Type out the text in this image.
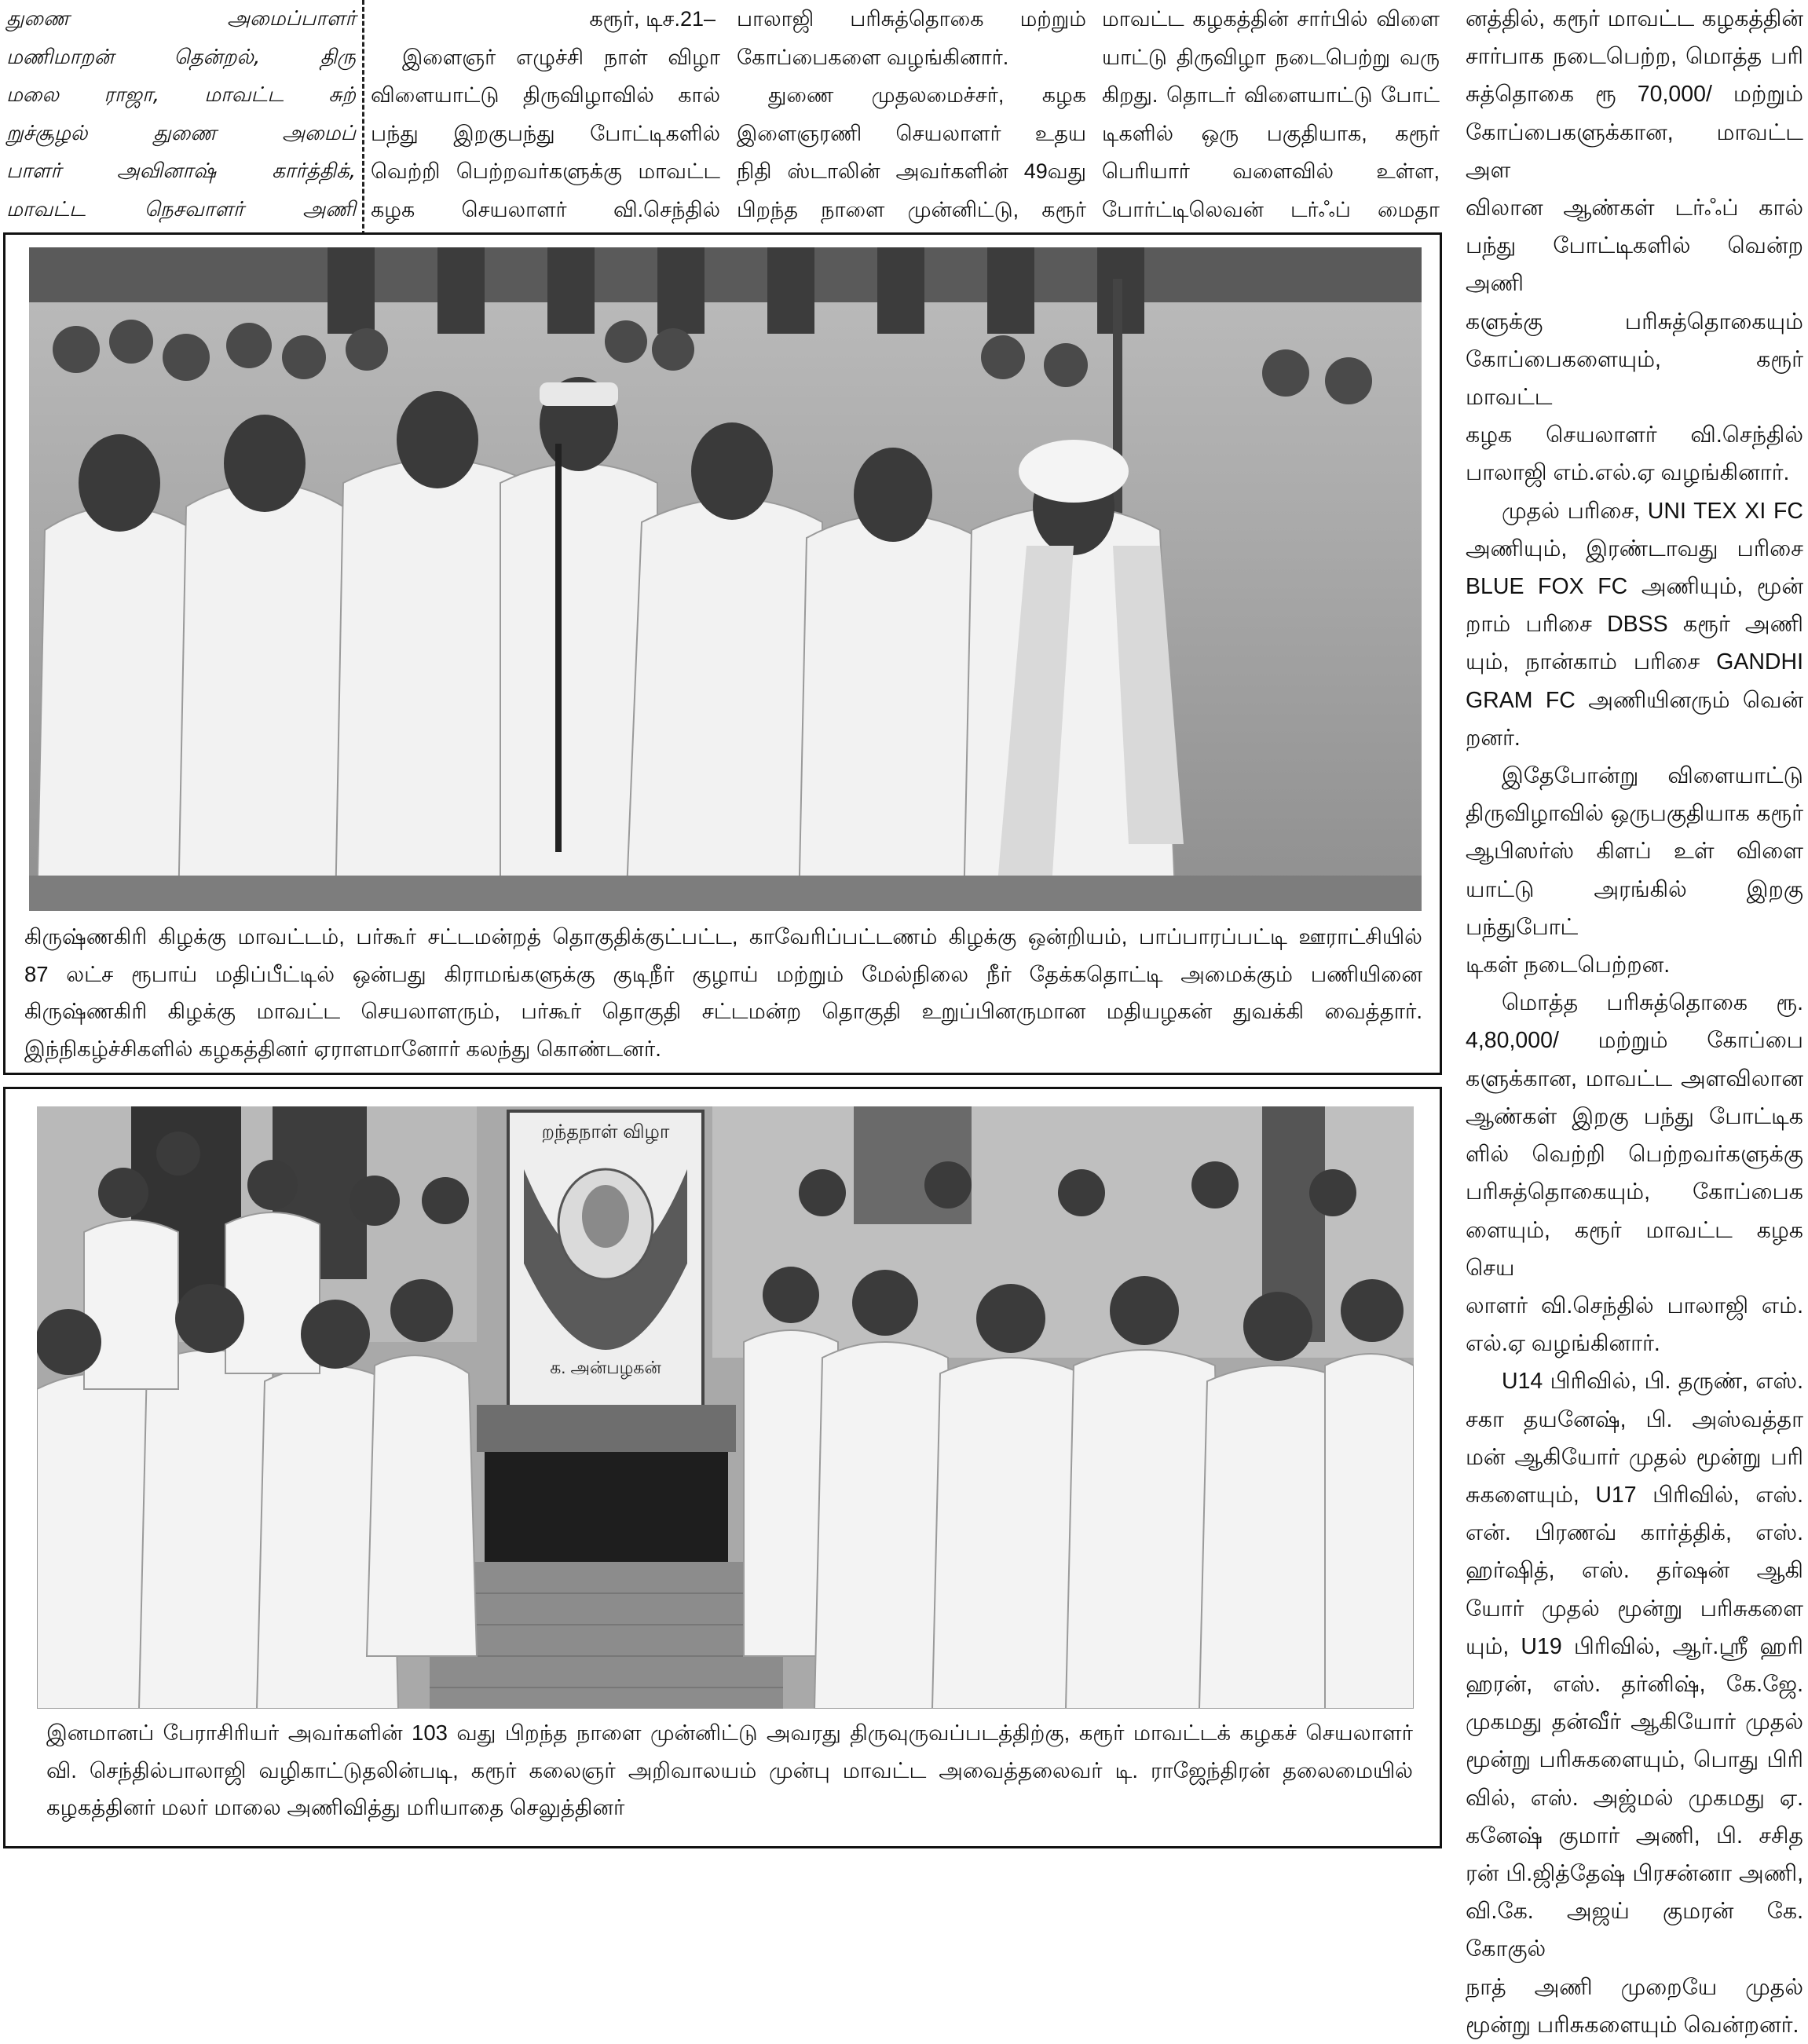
துணை அமைப்பாளர்

மணிமாறன் தென்றல், திரு

மலை ராஜா, மாவட்ட சுற்

றுச்சூழல் துணை அமைப்

பாளர் அவினாஷ் கார்த்திக்,

மாவட்ட நெசவாளர் அணி

கரூர், டிச.21–

இளைஞர் எழுச்சி நாள் விழா

விளையாட்டு திருவிழாவில் கால்

பந்து இறகுபந்து போட்டிகளில்

வெற்றி பெற்றவர்களுக்கு மாவட்ட

கழக செயலாளர் வி.செந்தில்

பாலாஜி பரிசுத்தொகை மற்றும்

கோப்பைகளை வழங்கினார்.

துணை முதலமைச்சர், கழக

இளைஞரணி செயலாளர் உதய

நிதி ஸ்டாலின் அவர்களின் 49வது

பிறந்த நாளை முன்னிட்டு, கரூர்

மாவட்ட கழகத்தின் சார்பில் விளை

யாட்டு திருவிழா நடைபெற்று வரு

கிறது. தொடர் விளையாட்டு போட்

டிகளில் ஒரு பகுதியாக, கரூர்

பெரியார் வளைவில் உள்ள,

போர்ட்டிலெவன் டர்ஃப் மைதா

னத்தில், கரூர் மாவட்ட கழகத்தின்

சார்பாக நடைபெற்ற, மொத்த பரி

சுத்தொகை ரூ 70,000/ மற்றும்

கோப்பைகளுக்கான, மாவட்ட அள

விலான ஆண்கள் டர்ஃப் கால்

பந்து போட்டிகளில் வென்ற அணி

களுக்கு பரிசுத்தொகையும்

கோப்பைகளையும், கரூர் மாவட்ட

கழக செயலாளர் வி.செந்தில்

பாலாஜி எம்.எல்.ஏ வழங்கினார்.

முதல் பரிசை, UNI TEX XI FC

அணியும், இரண்டாவது பரிசை

BLUE FOX FC அணியும், மூன்

றாம் பரிசை DBSS கரூர் அணி

யும், நான்காம் பரிசை GANDHI

GRAM FC அணியினரும் வென்

றனர்.

இதேபோன்று விளையாட்டு

திருவிழாவில் ஒருபகுதியாக கரூர்

ஆபிஸர்ஸ் கிளப் உள் விளை

யாட்டு அரங்கில் இறகு பந்துபோட்

டிகள் நடைபெற்றன.

மொத்த பரிசுத்தொகை ரூ.

4,80,000/ மற்றும் கோப்பை

களுக்கான, மாவட்ட அளவிலான

ஆண்கள் இறகு பந்து போட்டிக

ளில் வெற்றி பெற்றவர்களுக்கு

பரிசுத்தொகையும், கோப்பைக

ளையும், கரூர் மாவட்ட கழக செய

லாளர் வி.செந்தில் பாலாஜி எம்.

எல்.ஏ வழங்கினார்.

U14 பிரிவில், பி. தருண், எஸ்.

சகா தயனேஷ், பி. அஸ்வத்தா

மன் ஆகியோர் முதல் மூன்று பரி

சுகளையும், U17 பிரிவில், எஸ்.

என். பிரணவ் கார்த்திக், எஸ்.

ஹர்ஷித், எஸ். தர்ஷன் ஆகி

யோர் முதல் மூன்று பரிசுகளை

யும், U19 பிரிவில், ஆர்.ஸ்ரீ ஹரி

ஹரன், எஸ். தர்னிஷ், கே.ஜே.

முகமது தன்வீர் ஆகியோர் முதல்

மூன்று பரிசுகளையும், பொது பிரி

வில், எஸ். அஜ்மல் முகமது ஏ.

கனேஷ் குமார் அணி, பி. சசித

ரன் பி.ஜித்தேஷ் பிரசன்னா அணி,

வி.கே. அஜய் குமரன் கே. கோகுல்

நாத் அணி முறையே முதல்

மூன்று பரிசுகளையும் வென்றனர்.

கிருஷ்ணகிரி கிழக்கு மாவட்டம், பர்கூர் சட்டமன்றத் தொகுதிக்குட்பட்ட, காவேரிப்பட்டணம் கிழக்கு ஒன்றியம், பாப்பாரப்பட்டி ஊராட்சியில்
87 லட்ச ரூபாய் மதிப்பீட்டில் ஒன்பது கிராமங்களுக்கு குடிநீர் குழாய் மற்றும் மேல்நிலை நீர் தேக்கதொட்டி அமைக்கும் பணியினை
கிருஷ்ணகிரி கிழக்கு மாவட்ட செயலாளரும், பர்கூர் தொகுதி சட்டமன்ற தொகுதி உறுப்பினருமான மதியழகன் துவக்கி வைத்தார்.
இந்நிகழ்ச்சிகளில் கழகத்தினர் ஏராளமானோர் கலந்து கொண்டனர்.
றந்தநாள் விழா
க. அன்பழகன்
இனமானப் பேராசிரியர் அவர்களின் 103 வது பிறந்த நாளை முன்னிட்டு அவரது திருவுருவப்படத்திற்கு, கரூர் மாவட்டக் கழகச் செயலாளர்
வி. செந்தில்பாலாஜி வழிகாட்டுதலின்படி, கரூர் கலைஞர் அறிவாலயம் முன்பு மாவட்ட அவைத்தலைவர் டி. ராஜேந்திரன் தலைமையில்
கழகத்தினர் மலர் மாலை அணிவித்து மரியாதை செலுத்தினர்
